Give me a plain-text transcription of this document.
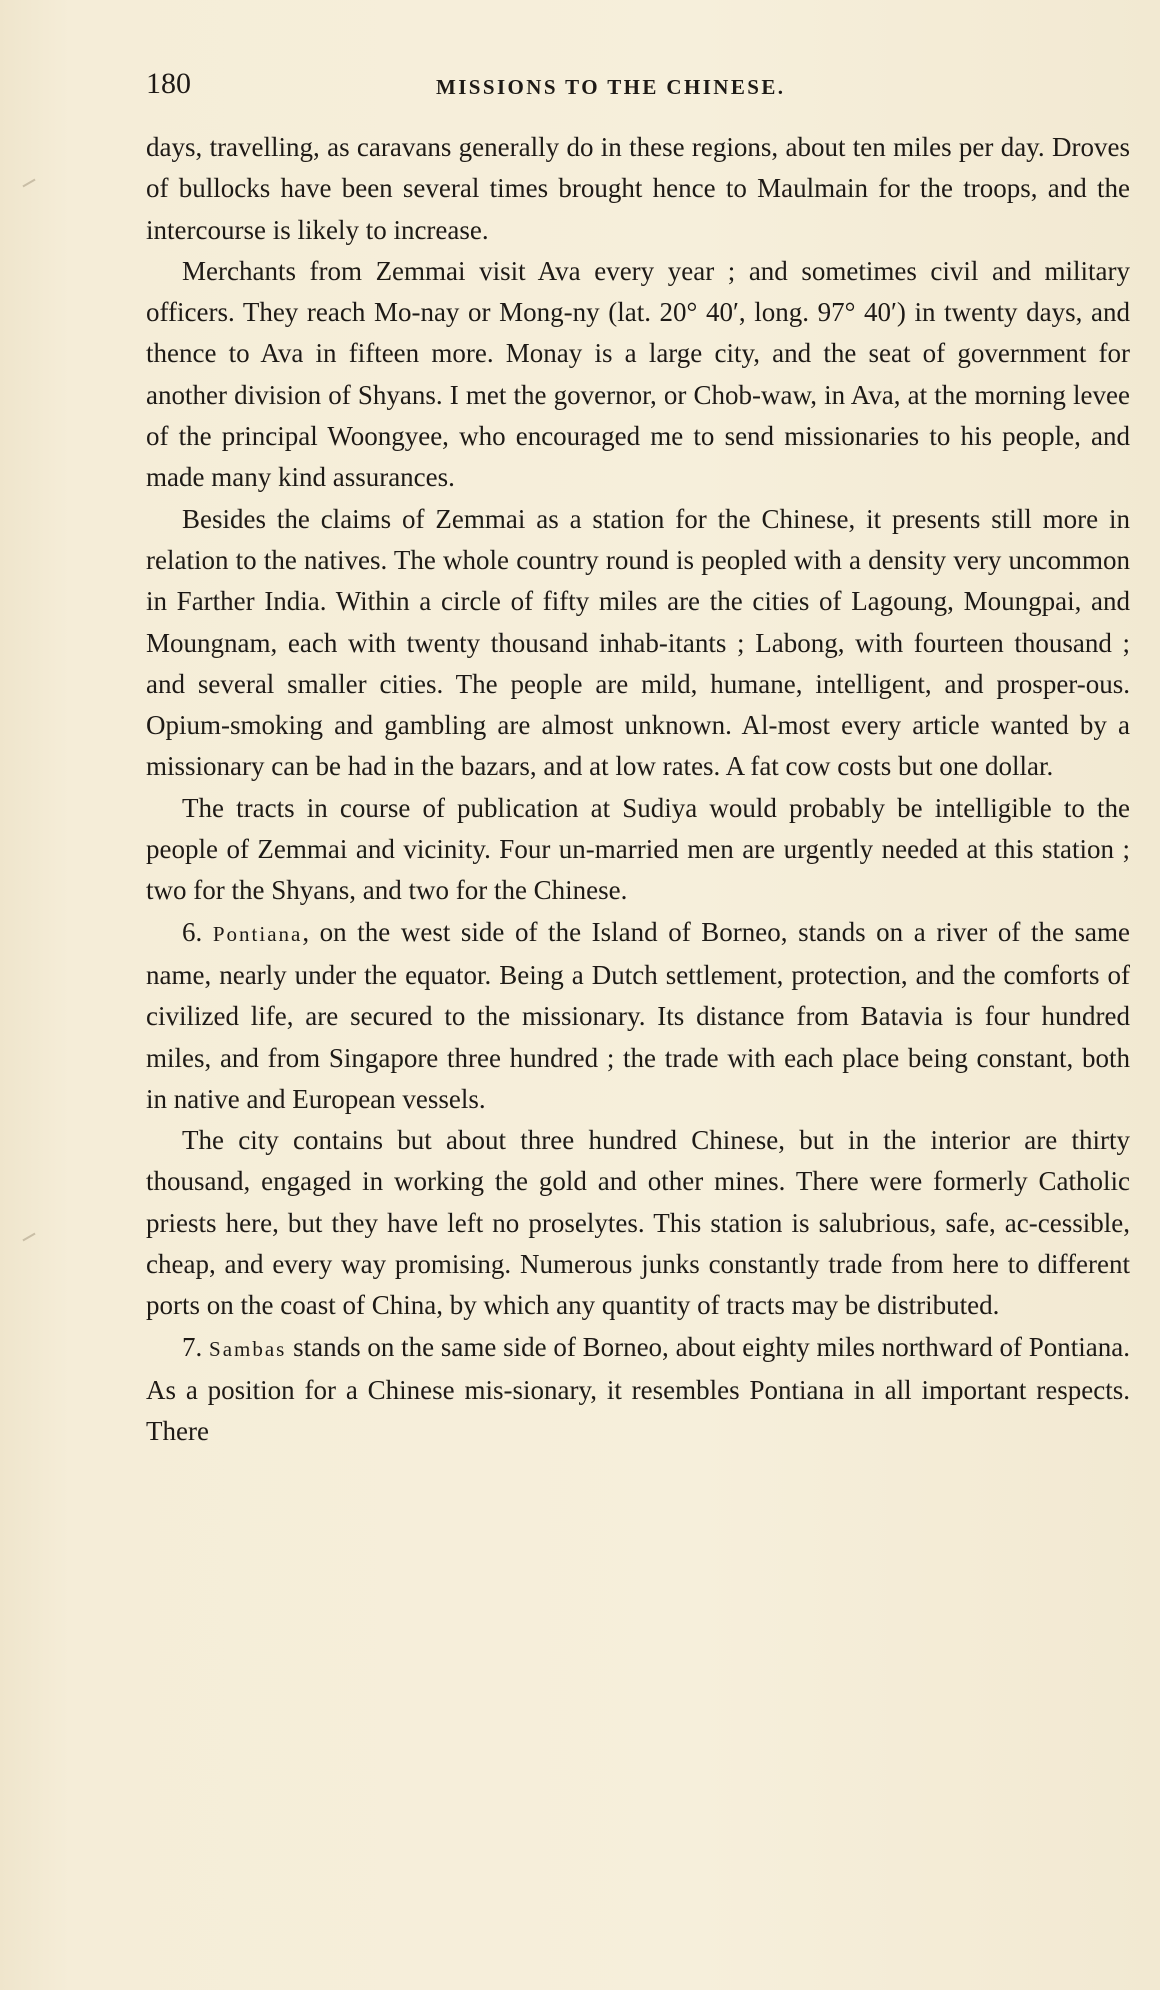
180	MISSIONS TO THE CHINESE.

days, travelling, as caravans generally do in these regions, about ten miles per day. Droves of bullocks have been several times brought hence to Maulmain for the troops, and the intercourse is likely to increase.

Merchants from Zemmai visit Ava every year ; and sometimes civil and military officers. They reach Mo-nay or Mong-ny (lat. 20° 40′, long. 97° 40′) in twenty days, and thence to Ava in fifteen more. Monay is a large city, and the seat of government for another division of Shyans. I met the governor, or Chob-waw, in Ava, at the morning levee of the principal Woongyee, who encouraged me to send missionaries to his people, and made many kind assurances.

Besides the claims of Zemmai as a station for the Chinese, it presents still more in relation to the natives. The whole country round is peopled with a density very uncommon in Farther India. Within a circle of fifty miles are the cities of Lagoung, Moungpai, and Moungnam, each with twenty thousand inhab-itants ; Labong, with fourteen thousand ; and several smaller cities. The people are mild, humane, intelligent, and prosper-ous. Opium-smoking and gambling are almost unknown. Al-most every article wanted by a missionary can be had in the bazars, and at low rates. A fat cow costs but one dollar.

The tracts in course of publication at Sudiya would probably be intelligible to the people of Zemmai and vicinity. Four un-married men are urgently needed at this station ; two for the Shyans, and two for the Chinese.

6. Pontiana, on the west side of the Island of Borneo, stands on a river of the same name, nearly under the equator. Being a Dutch settlement, protection, and the comforts of civilized life, are secured to the missionary. Its distance from Batavia is four hundred miles, and from Singapore three hundred ; the trade with each place being constant, both in native and European vessels.

The city contains but about three hundred Chinese, but in the interior are thirty thousand, engaged in working the gold and other mines. There were formerly Catholic priests here, but they have left no proselytes. This station is salubrious, safe, ac-cessible, cheap, and every way promising. Numerous junks constantly trade from here to different ports on the coast of China, by which any quantity of tracts may be distributed.

7. Sambas stands on the same side of Borneo, about eighty miles northward of Pontiana. As a position for a Chinese mis-sionary, it resembles Pontiana in all important respects. There
